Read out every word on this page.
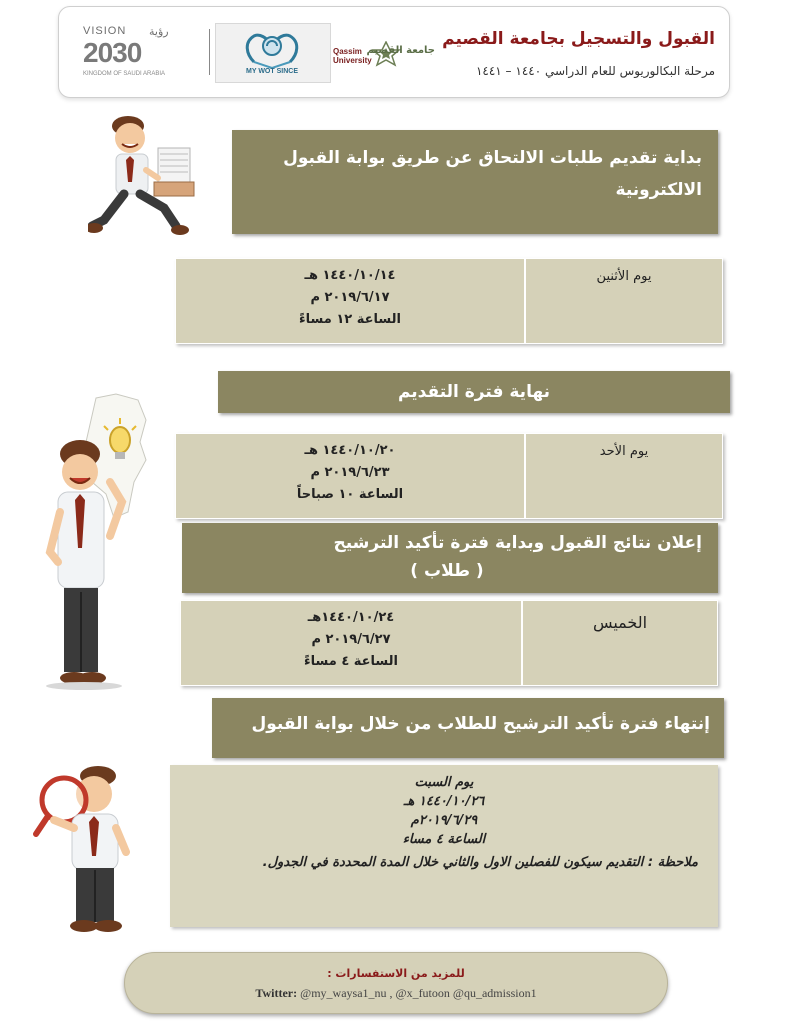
القبول والتسجيل بجامعة القصيم
مرحلة البكالوريوس للعام الدراسي ١٤٤٠ – ١٤٤١
Qassim
University
جامعة القصيم
MY WOT SINCE
VISION رؤية
2030
KINGDOM OF SAUDI ARABIA
بداية تقديم طلبات الالتحاق عن طريق بوابة القبول الالكترونية
يوم الأثنين
١٤٤٠/١٠/١٤ هـ
٢٠١٩/٦/١٧ م
الساعة ١٢ مساءً
نهاية فترة التقديم
يوم الأحد
١٤٤٠/١٠/٢٠ هـ
٢٠١٩/٦/٢٣ م
الساعة ١٠ صباحاً
إعلان نتائج القبول وبداية فترة تأكيد الترشيح
( طلاب )
الخميس
١٤٤٠/١٠/٢٤هـ
٢٠١٩/٦/٢٧ م
الساعة ٤ مساءً
إنتهاء فترة تأكيد الترشيح للطلاب من خلال بوابة القبول
يوم السبت
١٤٤٠/١٠/٢٦ هـ
٢٠١٩/٦/٢٩م
الساعة ٤ مساء
ملاحظة : التقديم سيكون للفصلين الاول والثاني خلال المدة المحددة في الجدول.
للمزيد من الاستفسارات :
Twitter: @my_waysa1_nu , @x_futoon @qu_admission1
